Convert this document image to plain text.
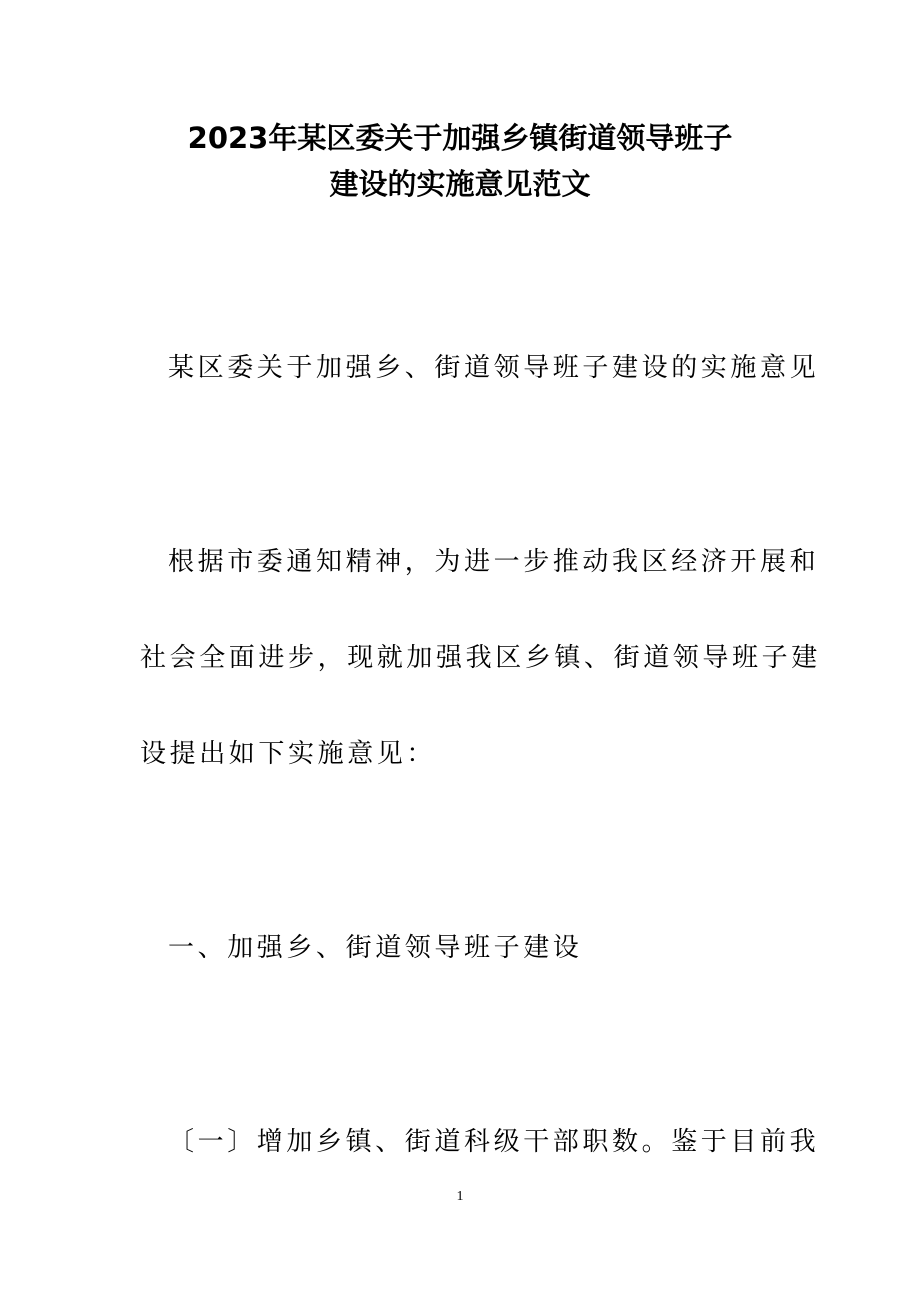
2023年某区委关于加强乡镇街道领导班子
建设的实施意见范文
某区委关于加强乡、街道领导班子建设的实施意见
根据市委通知精神，为进一步推动我区经济开展和
社会全面进步，现就加强我区乡镇、街道领导班子建
设提出如下实施意见：
一、加强乡、街道领导班子建设
〔一〕增加乡镇、街道科级干部职数。鉴于目前我
1
